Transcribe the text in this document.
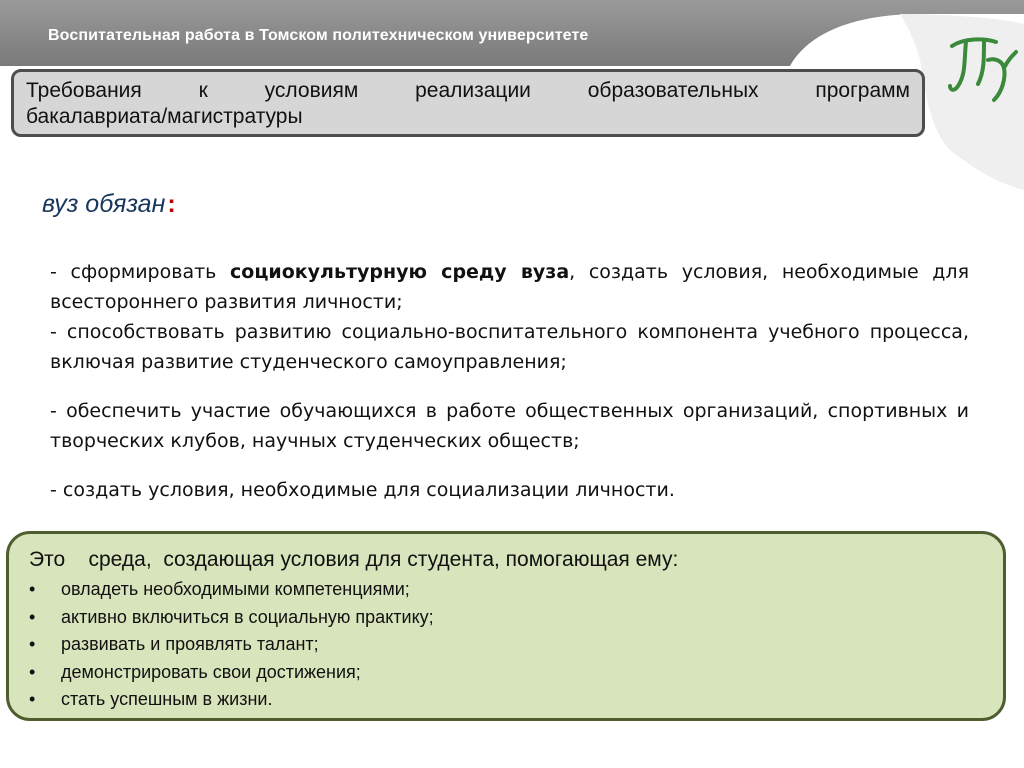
Воспитательная работа в Томском политехническом университете
Требования к условиям реализации образовательных программ
бакалавриата/магистратуры
вуз обязан:

- сформировать социокультурную среду вуза, создать условия, необходимые для всестороннего развития личности;

- способствовать развитию социально-воспитательного компонента учебного процесса, включая развитие студенческого самоуправления;

- обеспечить участие обучающихся в работе общественных организаций, спортивных и творческих клубов, научных студенческих обществ;

- создать условия, необходимые для социализации личности.

Это    среда,  создающая условия для студента, помогающая ему:
•	овладеть необходимыми компетенциями;
•	активно включиться в социальную практику;
•	развивать и проявлять талант;
•	демонстрировать свои достижения;
•	стать успешным в жизни.
